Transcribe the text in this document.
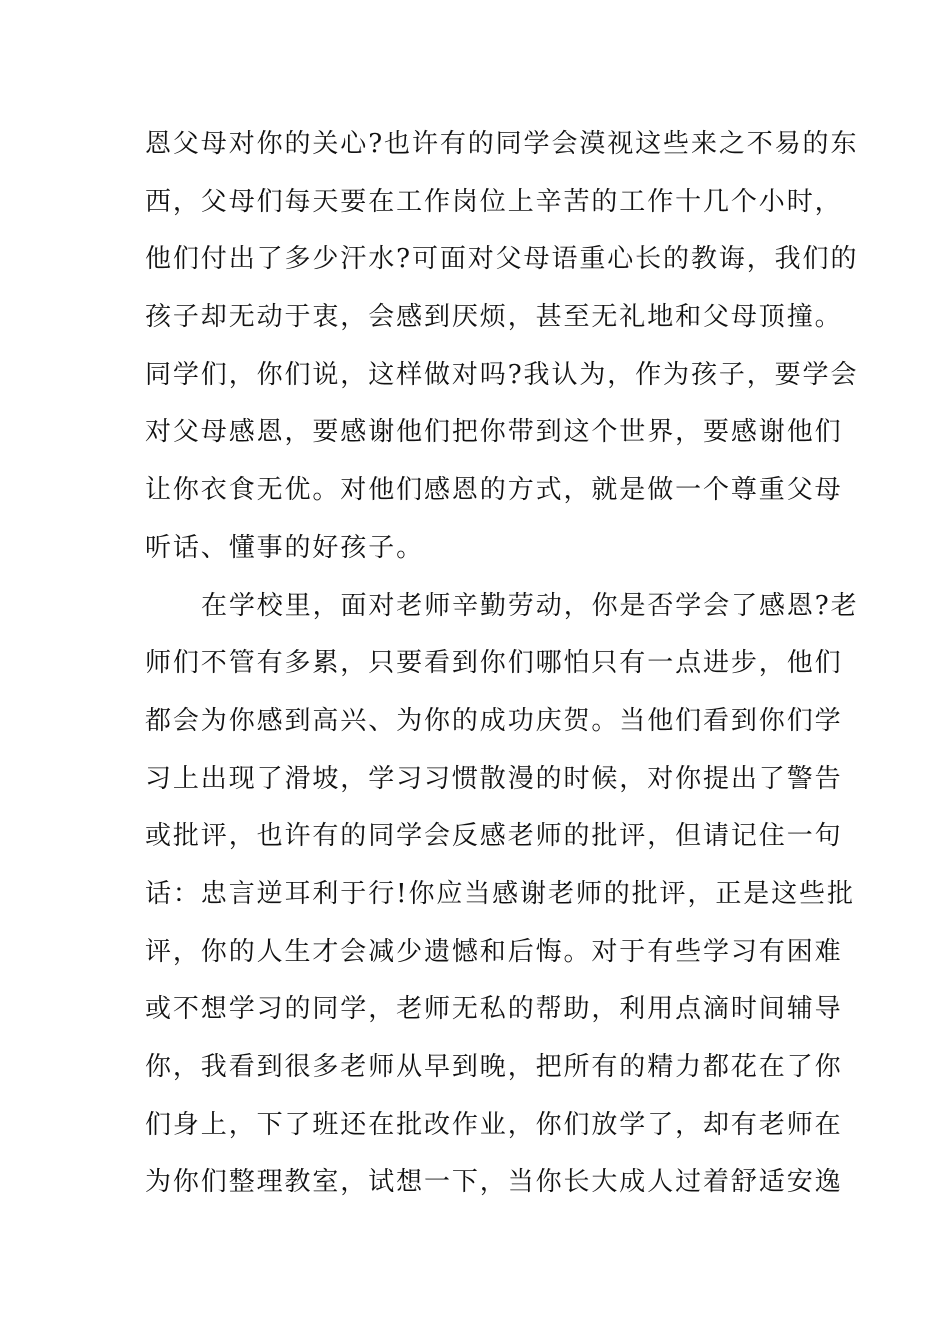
恩父母对你的关心?也许有的同学会漠视这些来之不易的东
西，父母们每天要在工作岗位上辛苦的工作十几个小时，
他们付出了多少汗水?可面对父母语重心长的教诲，我们的
孩子却无动于衷，会感到厌烦，甚至无礼地和父母顶撞。
同学们，你们说，这样做对吗?我认为，作为孩子，要学会
对父母感恩，要感谢他们把你带到这个世界，要感谢他们
让你衣食无优。对他们感恩的方式，就是做一个尊重父母
听话、懂事的好孩子。
在学校里，面对老师辛勤劳动，你是否学会了感恩?老
师们不管有多累，只要看到你们哪怕只有一点进步，他们
都会为你感到高兴、为你的成功庆贺。当他们看到你们学
习上出现了滑坡，学习习惯散漫的时候，对你提出了警告
或批评，也许有的同学会反感老师的批评，但请记住一句
话：忠言逆耳利于行!你应当感谢老师的批评，正是这些批
评，你的人生才会减少遗憾和后悔。对于有些学习有困难
或不想学习的同学，老师无私的帮助，利用点滴时间辅导
你，我看到很多老师从早到晚，把所有的精力都花在了你
们身上，下了班还在批改作业，你们放学了，却有老师在
为你们整理教室，试想一下，当你长大成人过着舒适安逸
